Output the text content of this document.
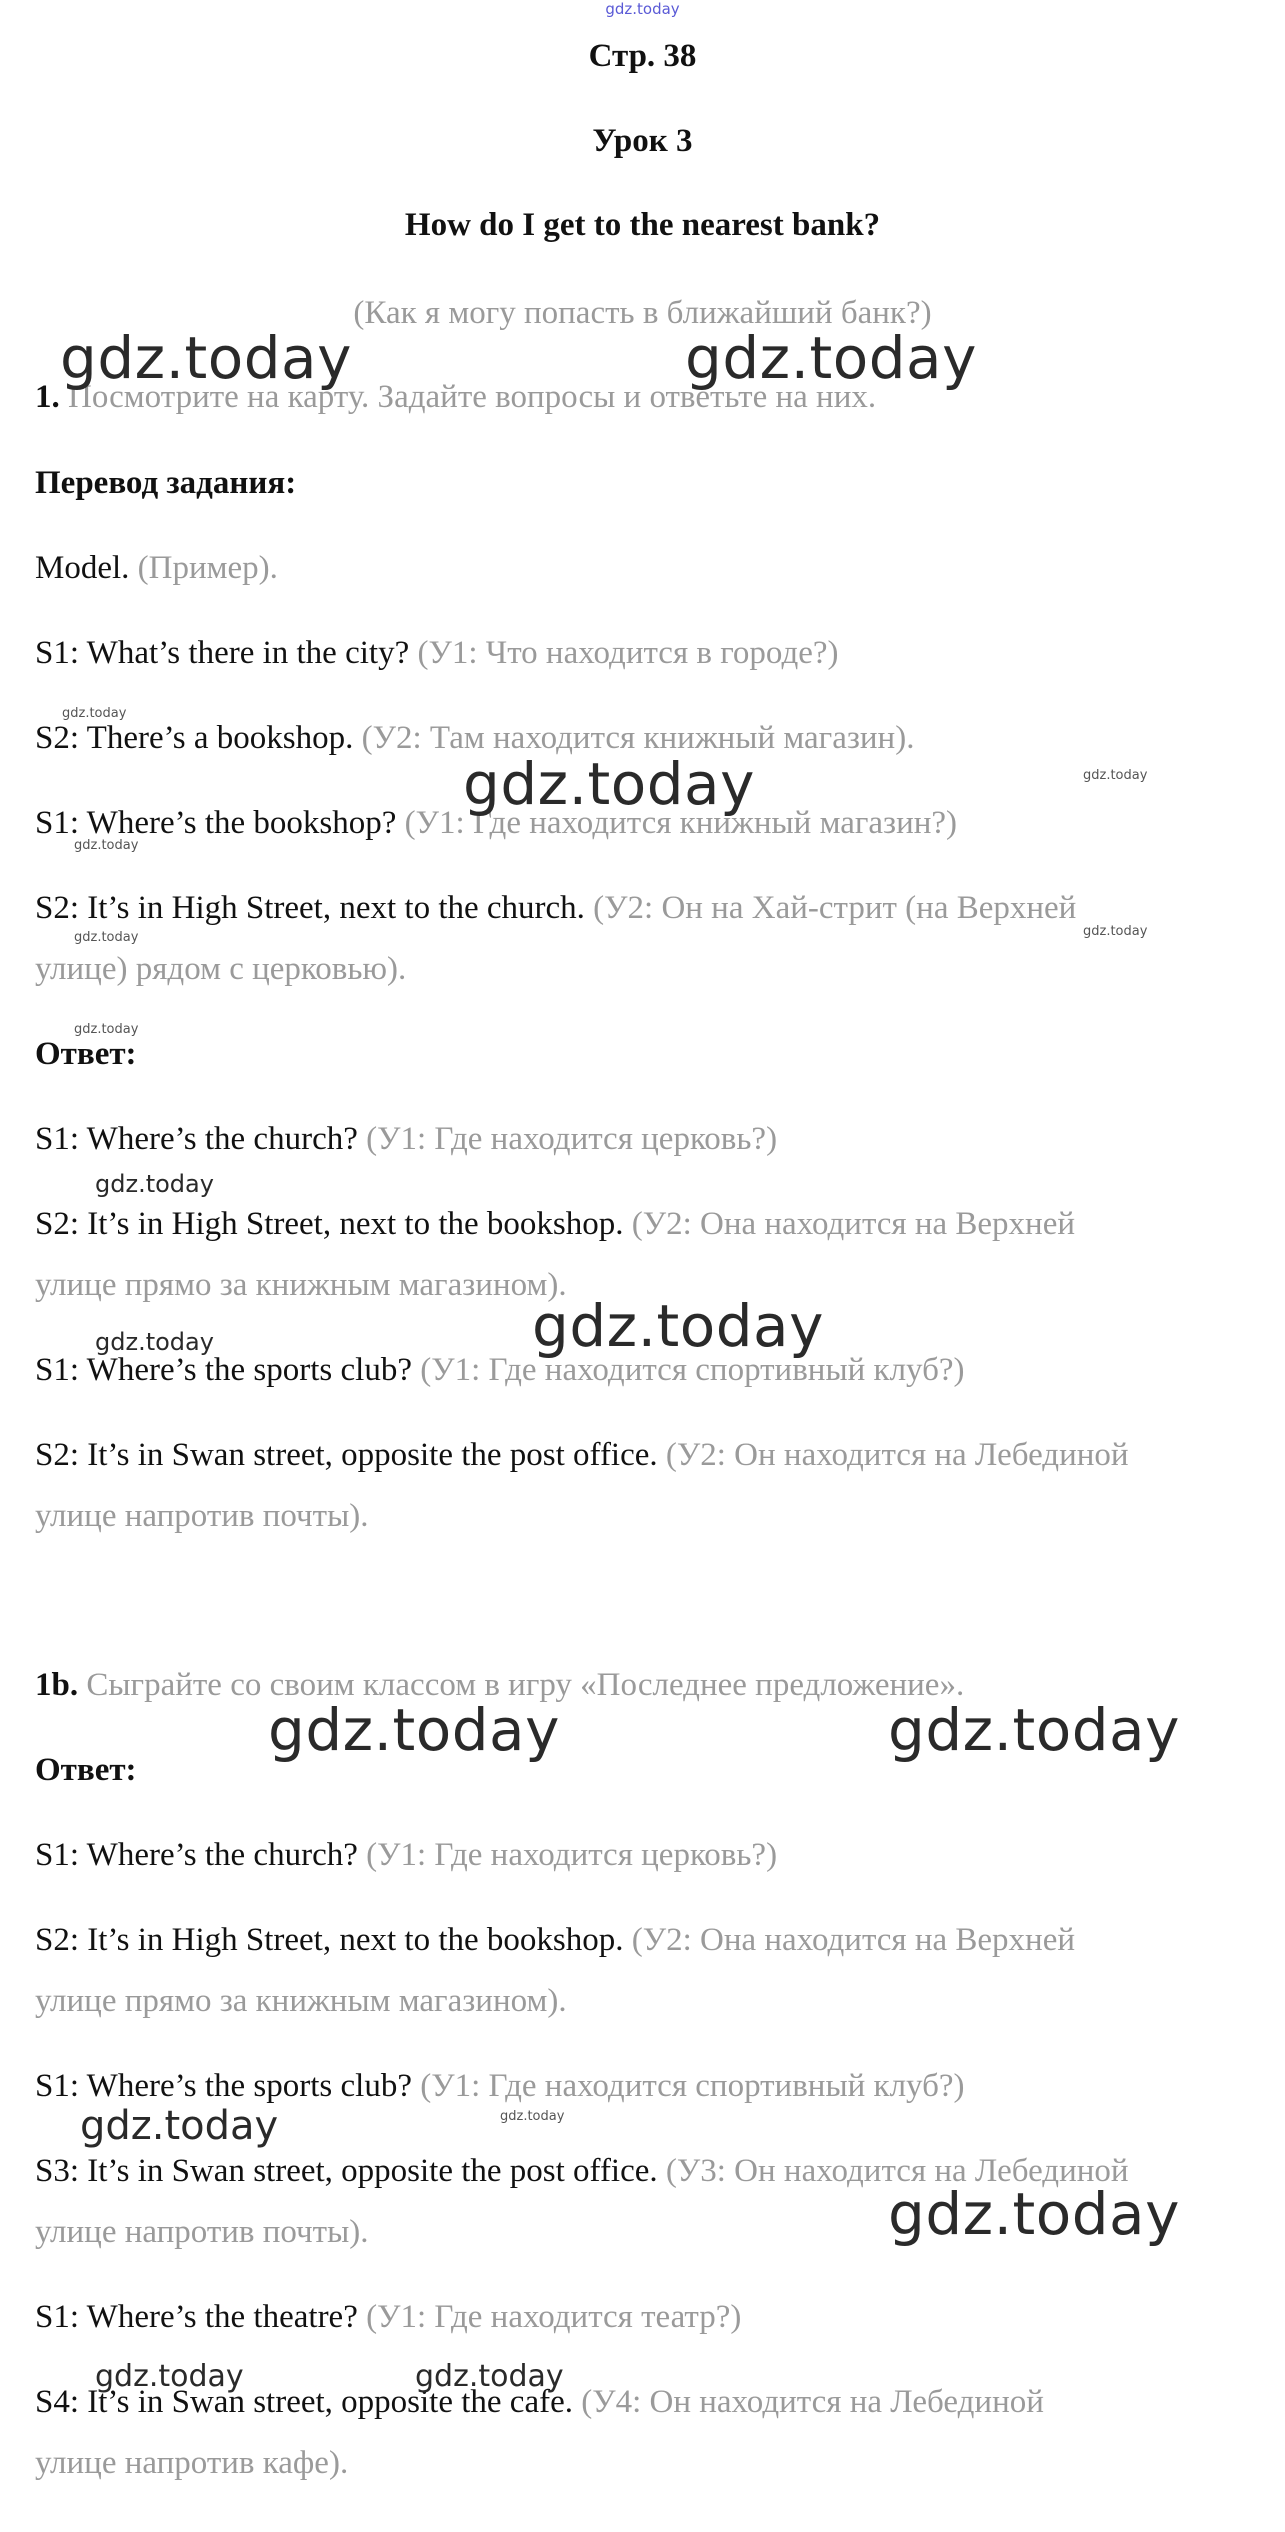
gdz.today
Стр. 38
Урок 3
How do I get to the nearest bank?
(Как я могу попасть в ближайший банк?)
1. Посмотрите на карту. Задайте вопросы и ответьте на них.
Перевод задания:
Model. (Пример).
S1: What’s there in the city? (У1: Что находится в городе?)
S2: There’s a bookshop. (У2: Там находится книжный магазин).
S1: Where’s the bookshop? (У1: Где находится книжный магазин?)
S2: It’s in High Street, next to the church. (У2: Он на Хай-стрит (на Верхней
улице) рядом с церковью).
Ответ:
S1: Where’s the church? (У1: Где находится церковь?)
S2: It’s in High Street, next to the bookshop. (У2: Она находится на Верхней
улице прямо за книжным магазином).
S1: Where’s the sports club? (У1: Где находится спортивный клуб?)
S2: It’s in Swan street, opposite the post office. (У2: Он находится на Лебединой
улице напротив почты).
1b. Сыграйте со своим классом в игру «Последнее предложение».
Ответ:
S1: Where’s the church? (У1: Где находится церковь?)
S2: It’s in High Street, next to the bookshop. (У2: Она находится на Верхней
улице прямо за книжным магазином).
S1: Where’s the sports club? (У1: Где находится спортивный клуб?)
S3: It’s in Swan street, opposite the post office. (У3: Он находится на Лебединой
улице напротив почты).
S1: Where’s the theatre? (У1: Где находится театр?)
S4: It’s in Swan street, opposite the cafe. (У4: Он находится на Лебединой
улице напротив кафе).
gdz.today	gdz.today
gdz.today
gdz.today	gdz.today
gdz.today
gdz.today	gdz.today
gdz.today
gdz.today
gdz.today
gdz.today
gdz.today	gdz.today
gdz.today	gdz.today
gdz.today
gdz.today	gdz.today
